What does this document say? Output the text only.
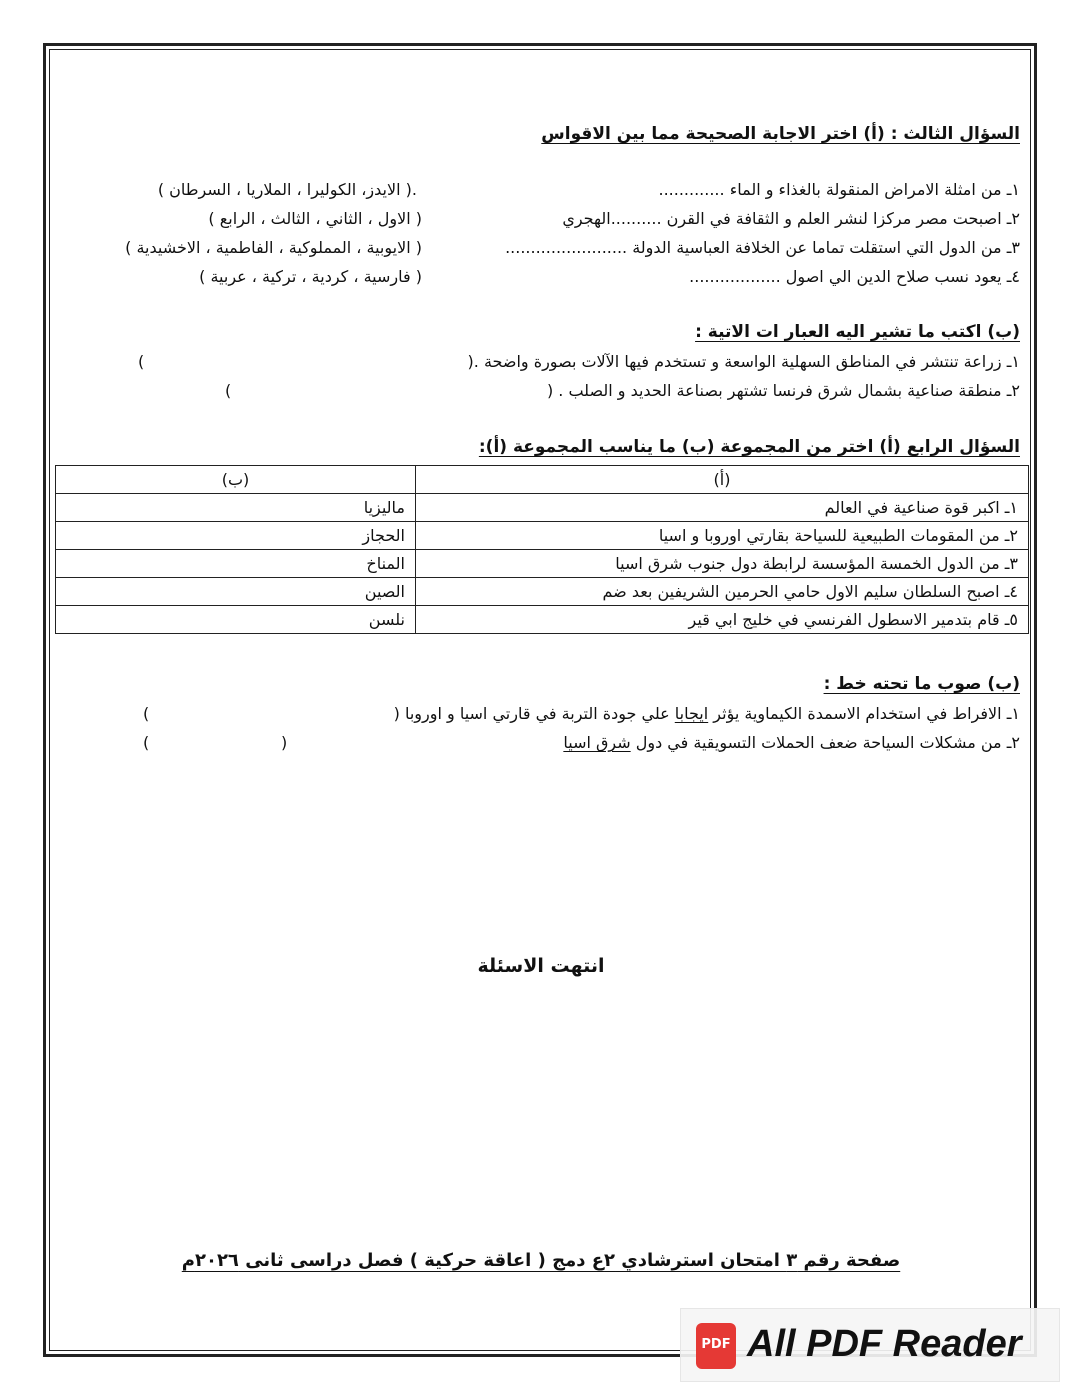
السؤال الثالث : (أ) اختر الاجابة الصحيحة مما بين الاقواس
١ـ من امثلة الامراض المنقولة بالغذاء و الماء .............
.( الايدز، الكوليرا ، الملاريا ، السرطان )
٢ـ اصبحت مصر مركزا لنشر العلم و الثقافة في القرن ..........الهجري
( الاول ، الثاني ، الثالث ، الرابع )
٣ـ من الدول التي استقلت تماما عن الخلافة العباسية الدولة ........................
( الايوبية ، المملوكية ، الفاطمية ، الاخشيدية )
٤ـ يعود نسب صلاح الدين الي اصول ..................
( فارسية ، كردية ، تركية ، عربية )
(ب) اكتب ما تشير اليه العبار ات الاتية :
١ـ زراعة تنتشر في المناطق السهلية الواسعة و تستخدم فيها الآلات بصورة واضحة .(
)
٢ـ منطقة صناعية بشمال شرق فرنسا تشتهر بصناعة الحديد و الصلب . (
)
السؤال الرابع (أ) اختر من المجموعة (ب) ما يناسب المجموعة (أ):
(أ)	(ب)
١ـ اكبر قوة صناعية في العالم	ماليزيا
٢ـ من المقومات الطبيعية للسياحة بقارتي اوروبا و اسيا	الحجاز
٣ـ من الدول الخمسة المؤسسة لرابطة دول جنوب شرق اسيا	المناخ
٤ـ اصبح السلطان سليم الاول حامي الحرمين الشريفين بعد ضم	الصين
٥ـ قام بتدمير الاسطول الفرنسي في خليج ابي قير	نلسن
(ب) صوب ما تحته خط :
١ـ الافراط في استخدام الاسمدة الكيماوية يؤثر ايجابا علي جودة التربة في قارتي اسيا و اوروبا (
)
٢ـ من مشكلات السياحة ضعف الحملات التسويقية في دول شرق اسيا
(
)
انتهت الاسئلة
صفحة رقم ٣ امتحان استرشادي ٢ع دمج ( اعاقة حركية ) فصل دراسى ثانى ٢٠٢٦م
PDF All PDF Reader
